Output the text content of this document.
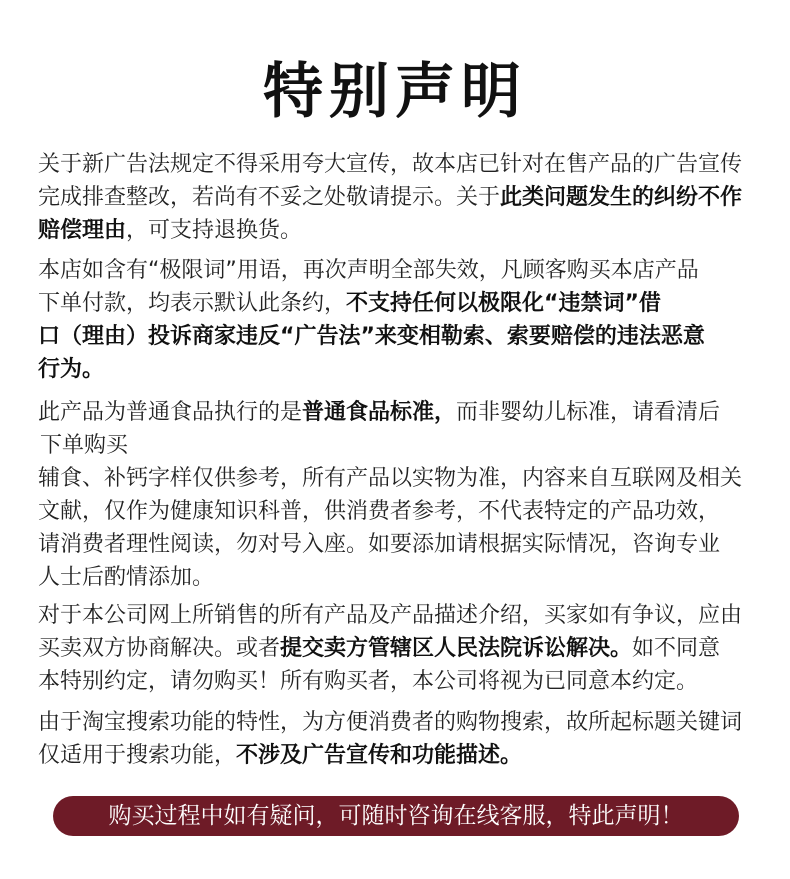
特别声明
关于新广告法规定不得采用夸大宣传，故本店已针对在售产品的广告宣传
完成排查整改，若尚有不妥之处敬请提示。关于此类问题发生的纠纷不作
赔偿理由，可支持退换货。
本店如含有“极限词”用语，再次声明全部失效，凡顾客购买本店产品
下单付款，均表示默认此条约，不支持任何以极限化“违禁词”借
口（理由）投诉商家违反“广告法”来变相勒索、索要赔偿的违法恶意
行为。
此产品为普通食品执行的是普通食品标准，而非婴幼儿标准，请看清后
下单购买
辅食、补钙字样仅供参考，所有产品以实物为准，内容来自互联网及相关
文献，仅作为健康知识科普，供消费者参考，不代表特定的产品功效，
请消费者理性阅读，勿对号入座。如要添加请根据实际情况，咨询专业
人士后酌情添加。
对于本公司网上所销售的所有产品及产品描述介绍，买家如有争议，应由
买卖双方协商解决。或者提交卖方管辖区人民法院诉讼解决。如不同意
本特别约定，请勿购买！所有购买者，本公司将视为已同意本约定。
由于淘宝搜索功能的特性，为方便消费者的购物搜索，故所起标题关键词
仅适用于搜索功能，不涉及广告宣传和功能描述。
购买过程中如有疑问，可随时咨询在线客服，特此声明！
